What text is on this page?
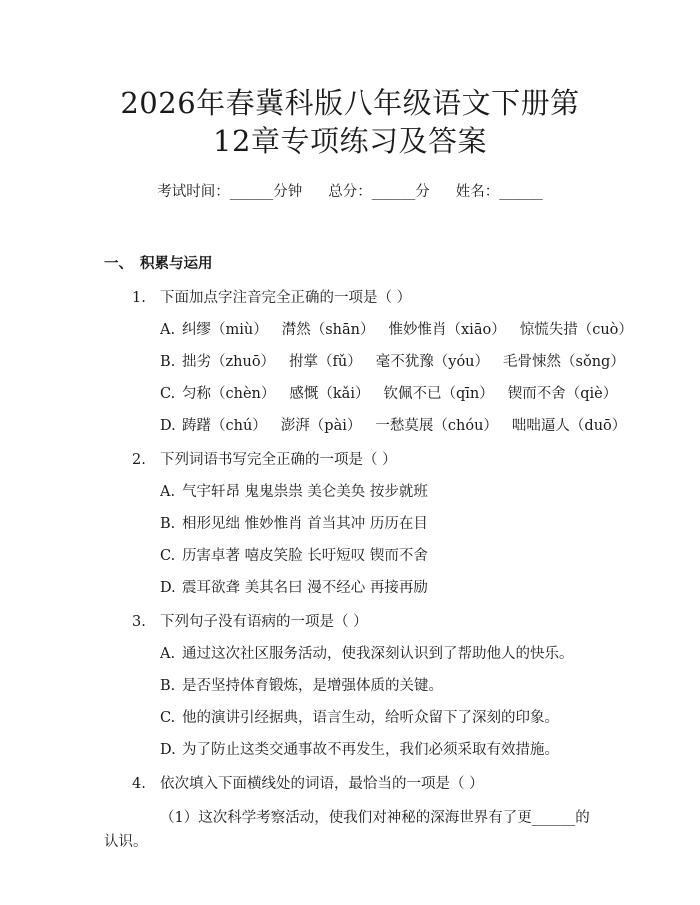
2026年春冀科版八年级语文下册第12章专项练习及答案
考试时间：______分钟 总分：______分 姓名：______
一、 积累与运用
1. 下面加点字注音完全正确的一项是（ ）
A. 纠缪（miù） 潸然（shān） 惟妙惟肖（xiāo） 惊慌失措（cuò）
B. 拙劣（zhuō） 拊掌（fǔ） 毫不犹豫（yóu） 毛骨悚然（sǒng）
C. 匀称（chèn） 感慨（kǎi） 钦佩不已（qīn） 锲而不舍（qiè）
D. 踌躇（chú） 澎湃（pài） 一愁莫展（chóu） 咄咄逼人（duō）
2. 下列词语书写完全正确的一项是（ ）
A. 气宇轩昂 鬼鬼祟祟 美仑美奂 按步就班
B. 相形见绌 惟妙惟肖 首当其冲 历历在目
C. 历害卓著 嘻皮笑脸 长吁短叹 锲而不舍
D. 震耳欲聋 美其名曰 漫不经心 再接再励
3. 下列句子没有语病的一项是（ ）
A. 通过这次社区服务活动，使我深刻认识到了帮助他人的快乐。
B. 是否坚持体育锻炼，是增强体质的关键。
C. 他的演讲引经据典，语言生动，给听众留下了深刻的印象。
D. 为了防止这类交通事故不再发生，我们必须采取有效措施。
4. 依次填入下面横线处的词语，最恰当的一项是（ ）
（1）这次科学考察活动，使我们对神秘的深海世界有了更______的认识。
